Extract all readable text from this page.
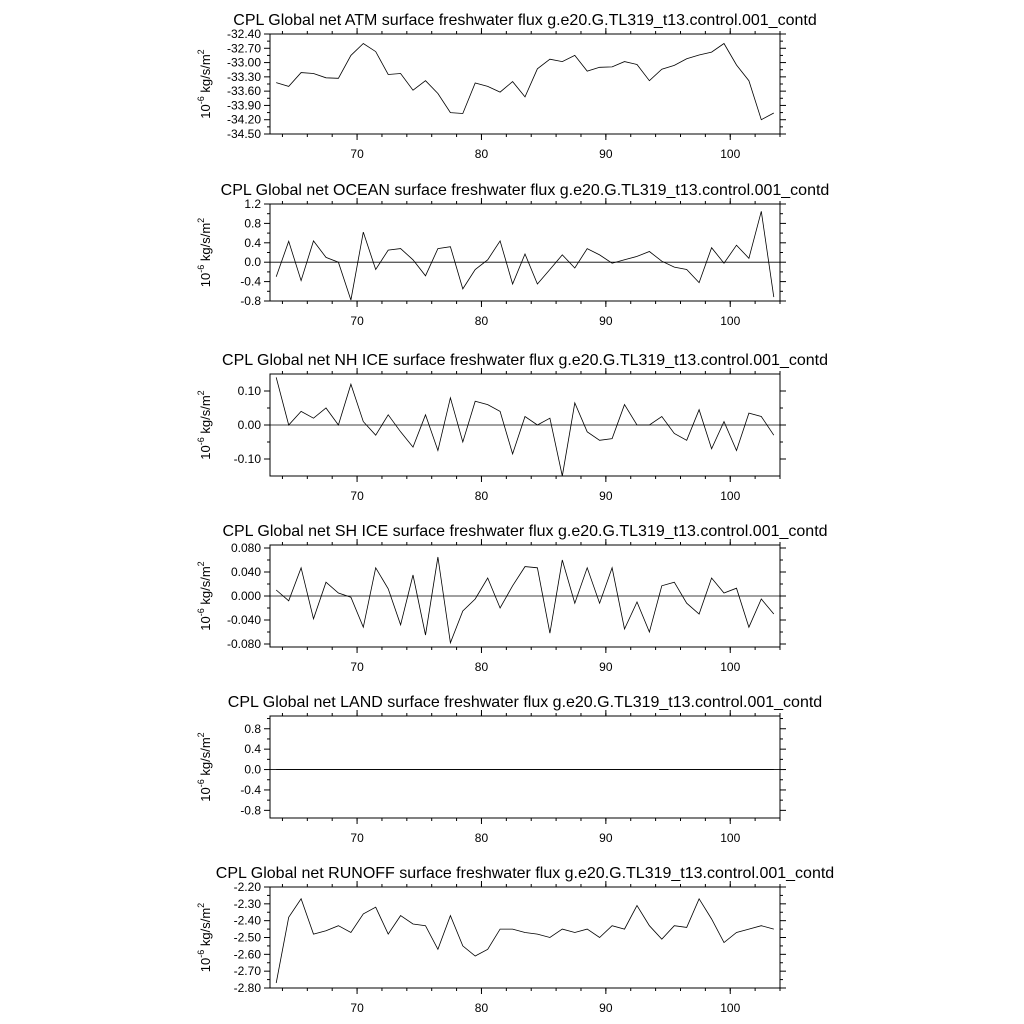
CPL Global net ATM surface freshwater flux g.e20.G.TL319_t13.control.001_contd
70	80	90	100
-32.40
-32.70
-33.00
-33.30
-33.60
-33.90
-34.20
-34.50
$10^{-6}$ $kg/s/m^2$
CPL Global net OCEAN surface freshwater flux g.e20.G.TL319_t13.control.001_contd
70	80	90	100
1.2
0.8
0.4
0.0
-0.4
-0.8
$10^{-6}$ $kg/s/m^2$
CPL Global net NH ICE surface freshwater flux g.e20.G.TL319_t13.control.001_contd
70	80	90	100
0.10
0.00
-0.10
$10^{-6}$ $kg/s/m^2$
CPL Global net SH ICE surface freshwater flux g.e20.G.TL319_t13.control.001_contd
70	80	90	100
0.080
0.040
0.000
-0.040
-0.080
$10^{-6}$ $kg/s/m^2$
CPL Global net LAND surface freshwater flux g.e20.G.TL319_t13.control.001_contd
70	80	90	100
0.8
0.4
0.0
-0.4
-0.8
$10^{-6}$ $kg/s/m^2$
CPL Global net RUNOFF surface freshwater flux g.e20.G.TL319_t13.control.001_contd
70	80	90	100
-2.20
-2.30
-2.40
-2.50
-2.60
-2.70
-2.80
$10^{-6}$ $kg/s/m^2$
